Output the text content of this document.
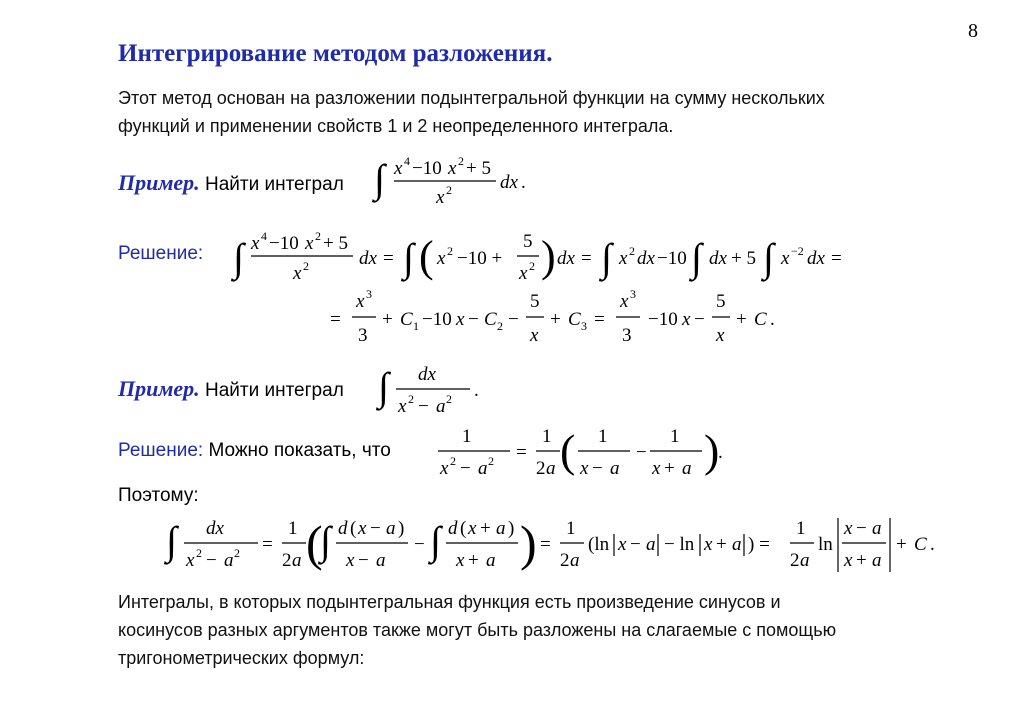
8
Интегрирование методом разложения.
Этот метод основан на разложении подынтегральной функции на сумму нескольких
функций и применении свойств 1 и 2 неопределенного интеграла.
Пример. Найти интеграл ∫ x 4 −10 x 2 + 5
x 2	dx .
Решение: ∫ x 4 −10 x 2 + 5
x 2	dx = ∫ ( x 2 −10 +
5
x 2 ) dx = ∫ x 2 dx −10 ∫ dx + 5 ∫ x −2 dx =
=
x 3
3
+ C 1 −10 x − C 2 −
5
x
+ C 3 =
x 3
3
−10 x −
5
x
+ C .
Пример. Найти интеграл ∫ dx
x 2 − a 2 .
Решение: Можно показать, что
1
x 2 − a 2 =
1
2 a ( 1
x − a
−
1
x + a )
.
Поэтому:
∫ dx
x 2 − a 2 =
1
2 a (
∫ d ( x − a )
x − a
− ∫ d ( x + a )
x + a ) =
1
2 a
(ln x − a − ln x + a ) =
1
2 a
ln
x − a
x + a
+ C .
Интегралы, в которых подынтегральная функция есть произведение синусов и
косинусов разных аргументов также могут быть разложены на слагаемые с помощью
тригонометрических формул:
